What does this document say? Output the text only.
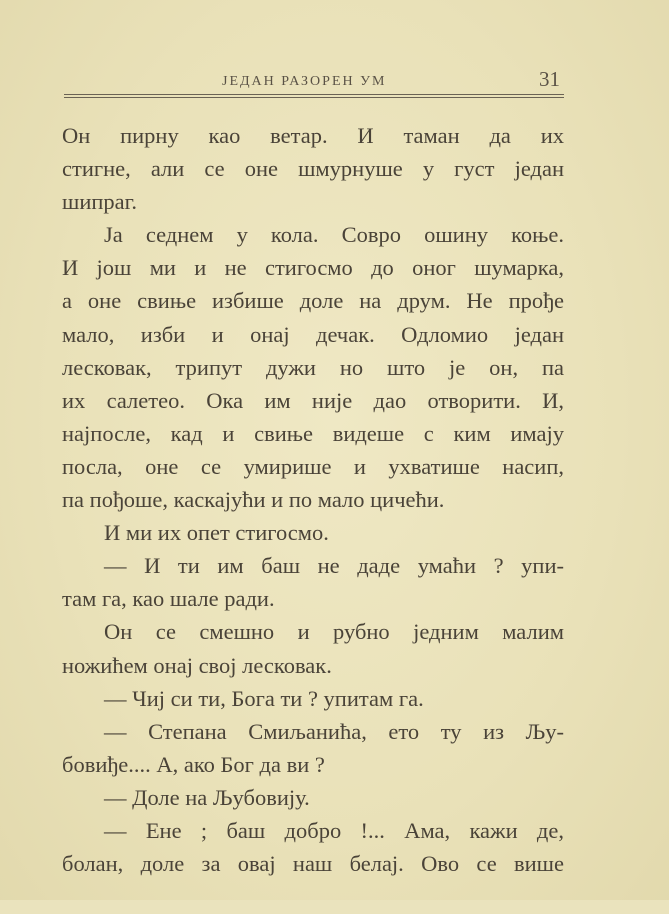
ЈЕДАН РАЗОРЕН УМ	31
Он пирну као ветар. И таман да их
стигне, али се оне шмурнуше у густ један
шипраг.
Ја седнем у кола. Совро ошину коње.
И још ми и не стигосмо до оног шумарка,
а оне свиње избише доле на друм. Не прође
мало, изби и онај дечак. Одломио један
лесковак, трипут дужи но што је он, па
их салетео. Ока им није дао отворити. И,
најпосле, кад и свиње видеше с ким имају
посла, оне се умирише и ухватише насип,
па пођоше, каскајући и по мало цичећи.
И ми их опет стигосмо.
— И ти им баш не даде умаћи ? упи-
там га, као шале ради.
Он се смешно и рубно једним малим
ножићем онај свој лесковак.
— Чиј си ти, Бога ти ? упитам га.
— Степана Смиљанића, ето ту из Љу-
бовиђе.... А, ако Бог да ви ?
— Доле на Љубовију.
— Ене ; баш добро !... Ама, кажи де,
болан, доле за овај наш белај. Ово се више
